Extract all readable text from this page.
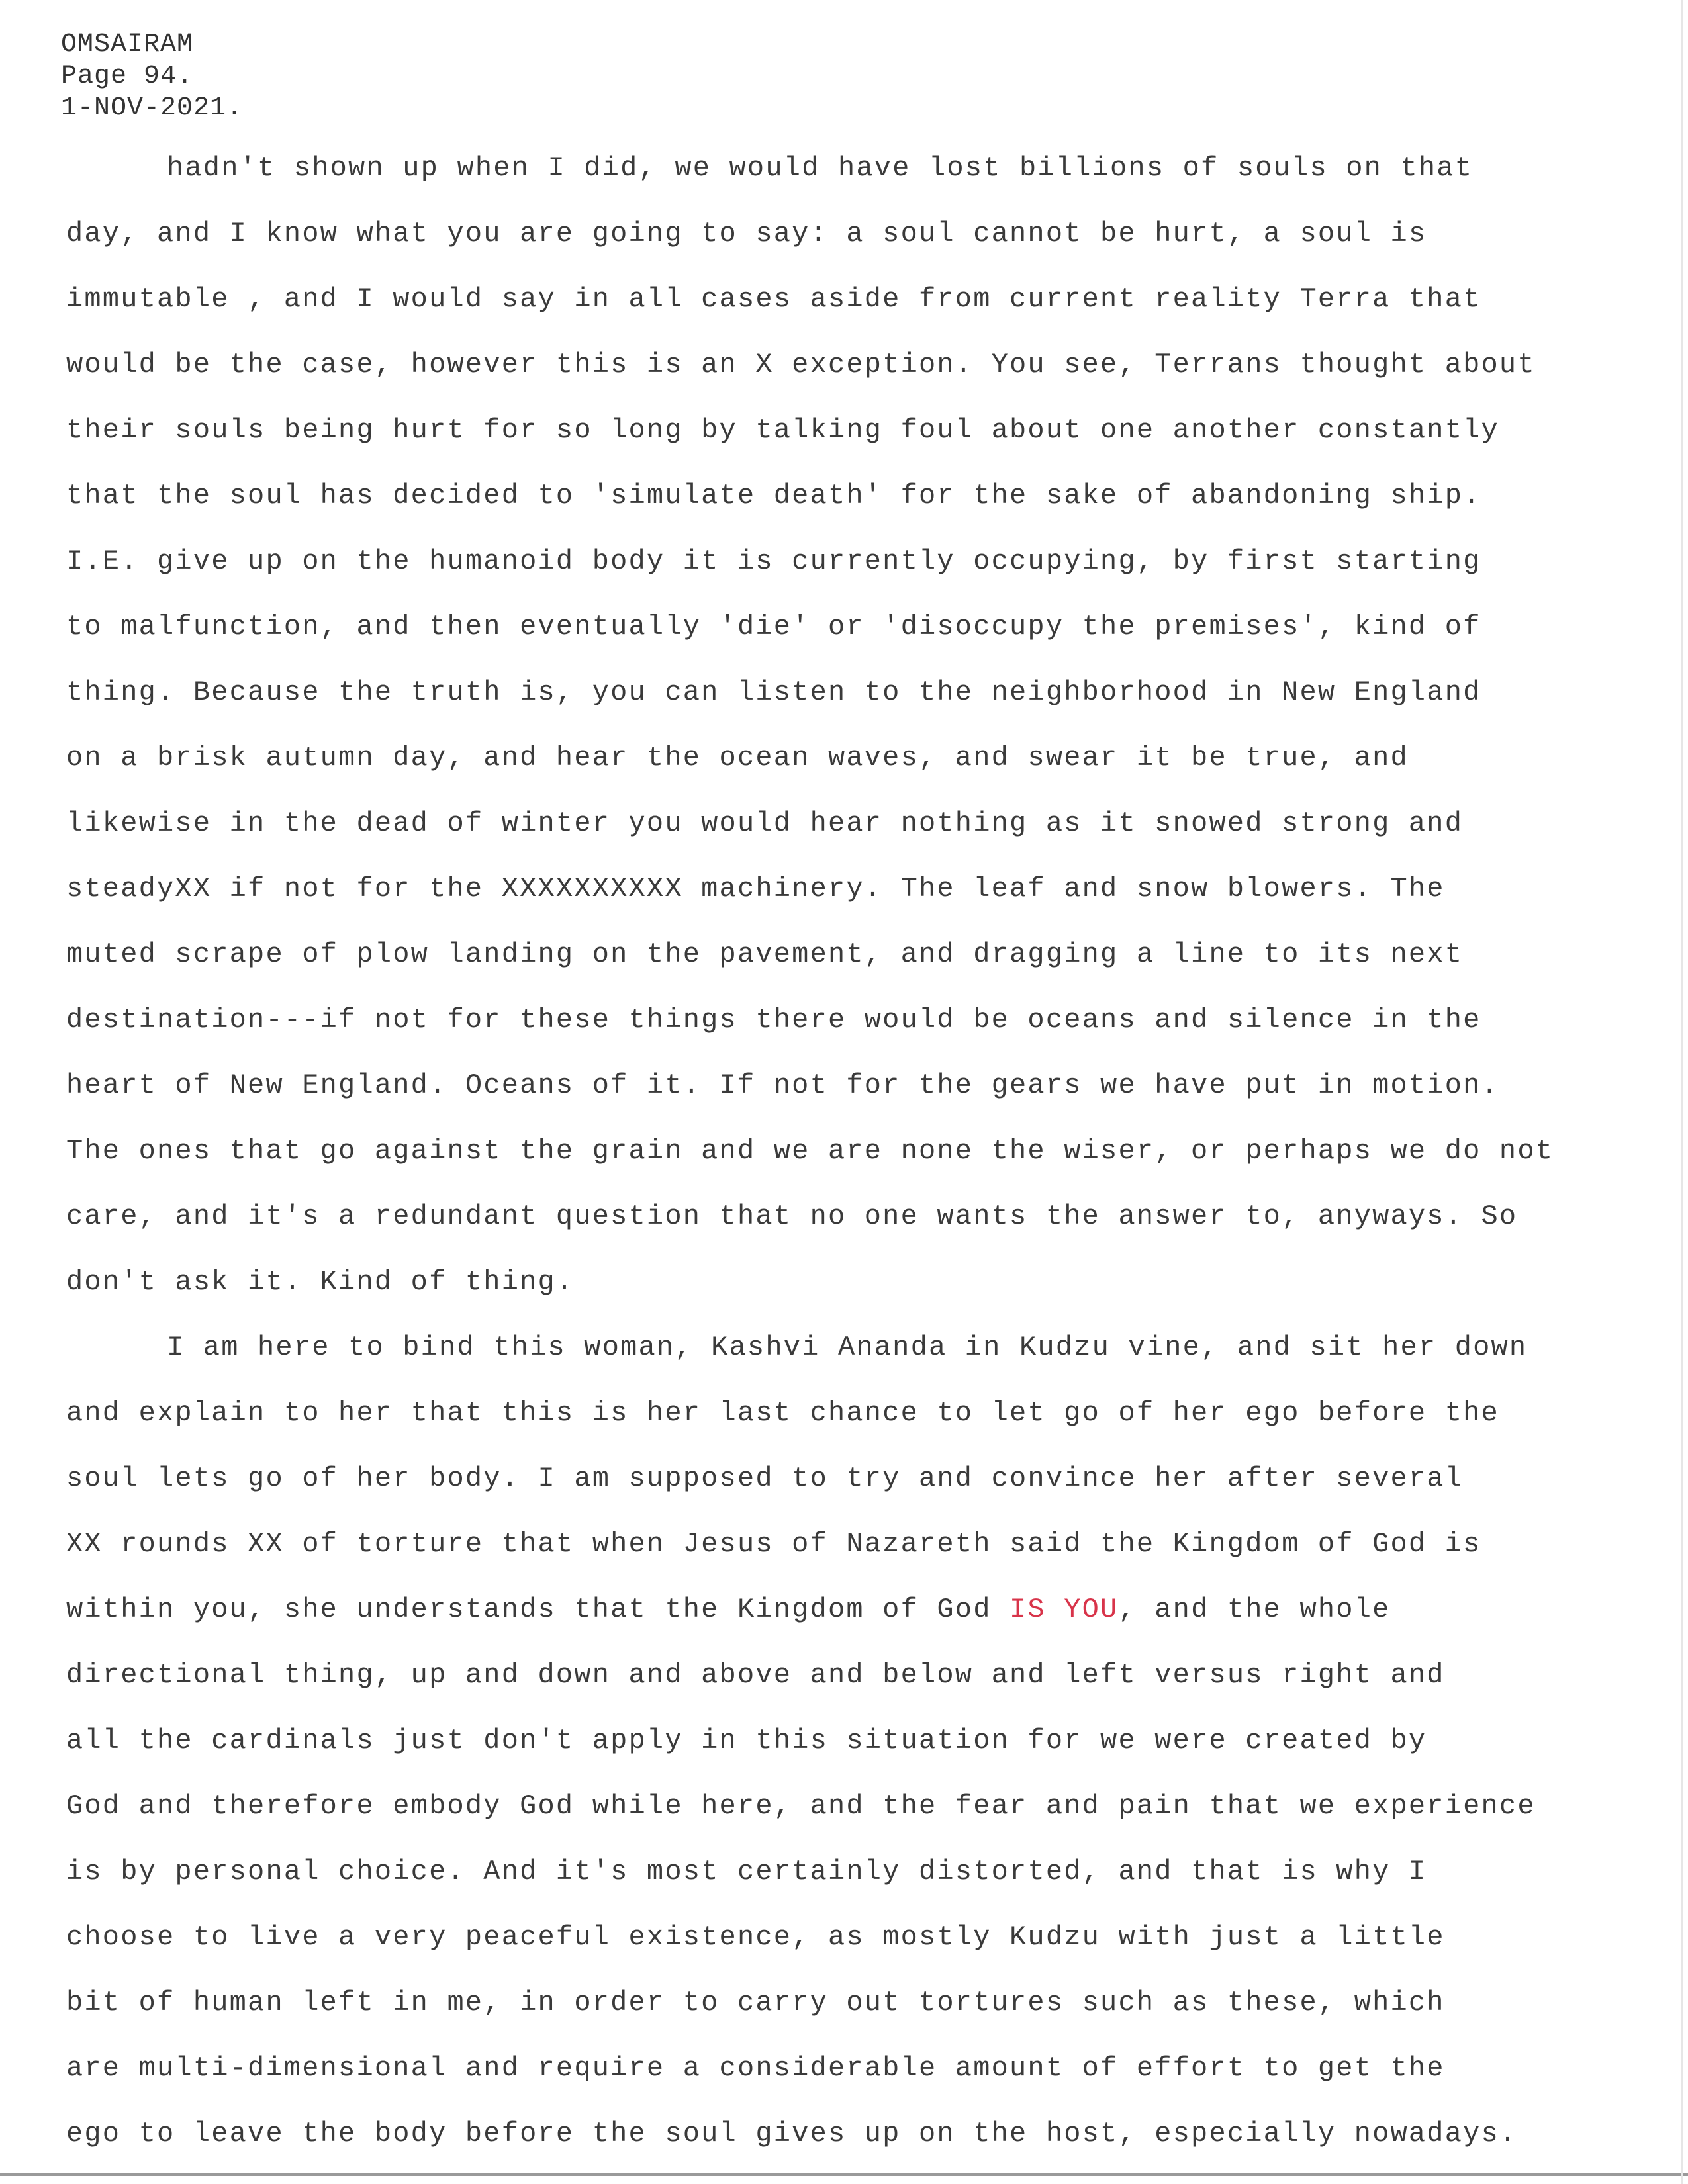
OMSAIRAM
Page 94.
1-NOV-2021.
hadn't shown up when I did, we would have lost billions of souls on that
day, and I know what you are going to say: a soul cannot be hurt, a soul is
immutable , and I would say in all cases aside from current reality Terra that
would be the case, however this is an X exception. You see, Terrans thought about
their souls being hurt for so long by talking foul about one another constantly
that the soul has decided to 'simulate death' for the sake of abandoning ship.
I.E. give up on the humanoid body it is currently occupying, by first starting
to malfunction, and then eventually 'die' or 'disoccupy the premises', kind of
thing. Because the truth is, you can listen to the neighborhood in New England
on a brisk autumn day, and hear the ocean waves, and swear it be true, and
likewise in the dead of winter you would hear nothing as it snowed strong and
steadyXX if not for the XXXXXXXXXX machinery. The leaf and snow blowers. The
muted scrape of plow landing on the pavement, and dragging a line to its next
destination---if not for these things there would be oceans and silence in the
heart of New England. Oceans of it. If not for the gears we have put in motion.
The ones that go against the grain and we are none the wiser, or perhaps we do not
care, and it's a redundant question that no one wants the answer to, anyways. So
don't ask it. Kind of thing.
I am here to bind this woman, Kashvi Ananda in Kudzu vine, and sit her down
and explain to her that this is her last chance to let go of her ego before the
soul lets go of her body. I am supposed to try and convince her after several
XX rounds XX of torture that when Jesus of Nazareth said the Kingdom of God is
within you, she understands that the Kingdom of God IS YOU, and the whole
directional thing, up and down and above and below and left versus right and
all the cardinals just don't apply in this situation for we were created by
God and therefore embody God while here, and the fear and pain that we experience
is by personal choice. And it's most certainly distorted, and that is why I
choose to live a very peaceful existence, as mostly Kudzu with just a little
bit of human left in me, in order to carry out tortures such as these, which
are multi-dimensional and require a considerable amount of effort to get the
ego to leave the body before the soul gives up on the host, especially nowadays.
